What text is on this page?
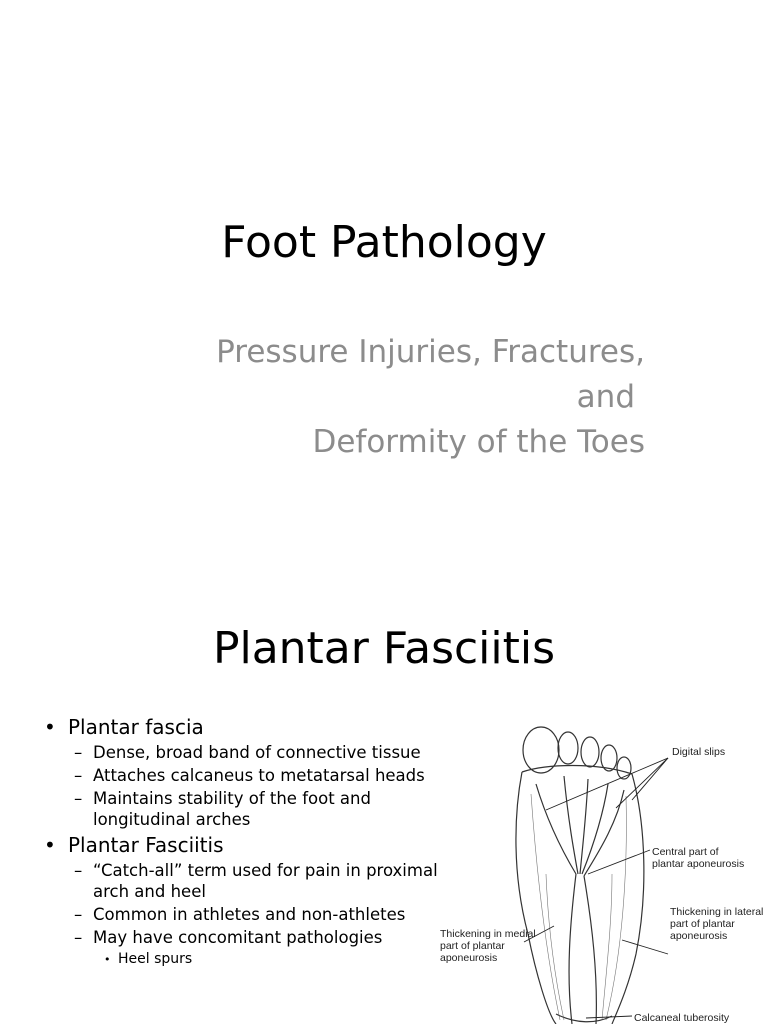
Foot Pathology
Pressure Injuries, Fractures,
and
Deformity of the Toes
Plantar Fasciitis
• Plantar fascia
– Dense, broad band of connective tissue
– Attaches calcaneus to metatarsal heads
– Maintains stability of the foot and longitudinal arches
• Plantar Fasciitis
– “Catch-all” term used for pain in proximal arch and heel
– Common in athletes and non-athletes
– May have concomitant pathologies
• Heel spurs
Digital slips
Central part of
plantar aponeurosis
Thickening in lateral
part of plantar
aponeurosis
Thickening in medial
part of plantar
aponeurosis
Calcaneal tuberosity
